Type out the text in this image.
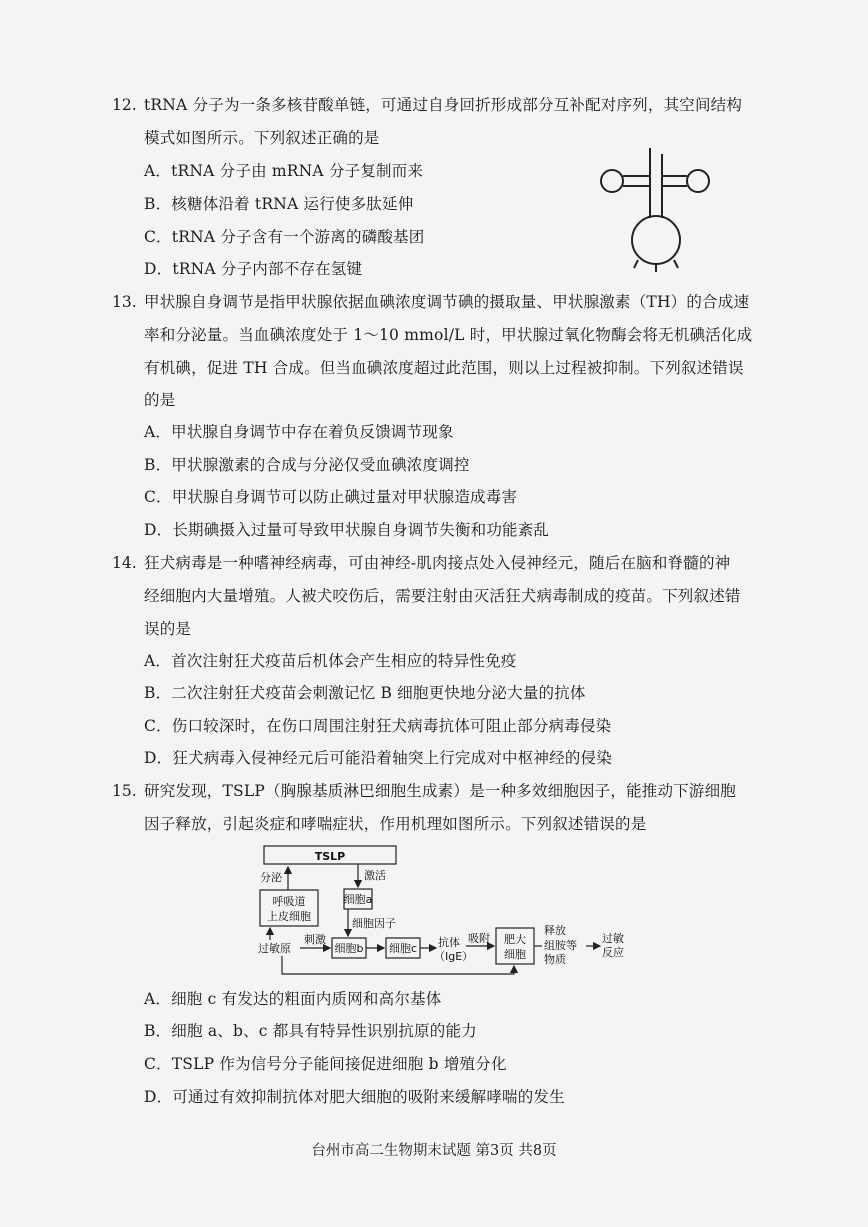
12. tRNA 分子为一条多核苷酸单链，可通过自身回折形成部分互补配对序列，其空间结构
模式如图所示。下列叙述正确的是
A．tRNA 分子由 mRNA 分子复制而来
B．核糖体沿着 tRNA 运行使多肽延伸
C．tRNA 分子含有一个游离的磷酸基团
D．tRNA 分子内部不存在氢键
13. 甲状腺自身调节是指甲状腺依据血碘浓度调节碘的摄取量、甲状腺激素（TH）的合成速
率和分泌量。当血碘浓度处于 1～10 mmol/L 时，甲状腺过氧化物酶会将无机碘活化成
有机碘，促进 TH 合成。但当血碘浓度超过此范围，则以上过程被抑制。下列叙述错误
的是
A．甲状腺自身调节中存在着负反馈调节现象
B．甲状腺激素的合成与分泌仅受血碘浓度调控
C．甲状腺自身调节可以防止碘过量对甲状腺造成毒害
D．长期碘摄入过量可导致甲状腺自身调节失衡和功能紊乱
14. 狂犬病毒是一种嗜神经病毒，可由神经-肌肉接点处入侵神经元，随后在脑和脊髓的神
经细胞内大量增殖。人被犬咬伤后，需要注射由灭活狂犬病毒制成的疫苗。下列叙述错
误的是
A．首次注射狂犬疫苗后机体会产生相应的特异性免疫
B．二次注射狂犬疫苗会刺激记忆 B 细胞更快地分泌大量的抗体
C．伤口较深时，在伤口周围注射狂犬病毒抗体可阻止部分病毒侵染
D．狂犬病毒入侵神经元后可能沿着轴突上行完成对中枢神经的侵染
15. 研究发现，TSLP（胸腺基质淋巴细胞生成素）是一种多效细胞因子，能推动下游细胞
因子释放，引起炎症和哮喘症状，作用机理如图所示。下列叙述错误的是
TSLP
分泌	激活
呼吸道
上皮细胞
细胞a
细胞因子
过敏原
刺激
细胞b 细胞c 抗体
（IgE）
吸附 肥大
细胞
释放
组胺等
物质
过敏
反应
A．细胞 c 有发达的粗面内质网和高尔基体
B．细胞 a、b、c 都具有特异性识别抗原的能力
C．TSLP 作为信号分子能间接促进细胞 b 增殖分化
D．可通过有效抑制抗体对肥大细胞的吸附来缓解哮喘的发生
台州市高二生物期末试题 第3页 共8页
